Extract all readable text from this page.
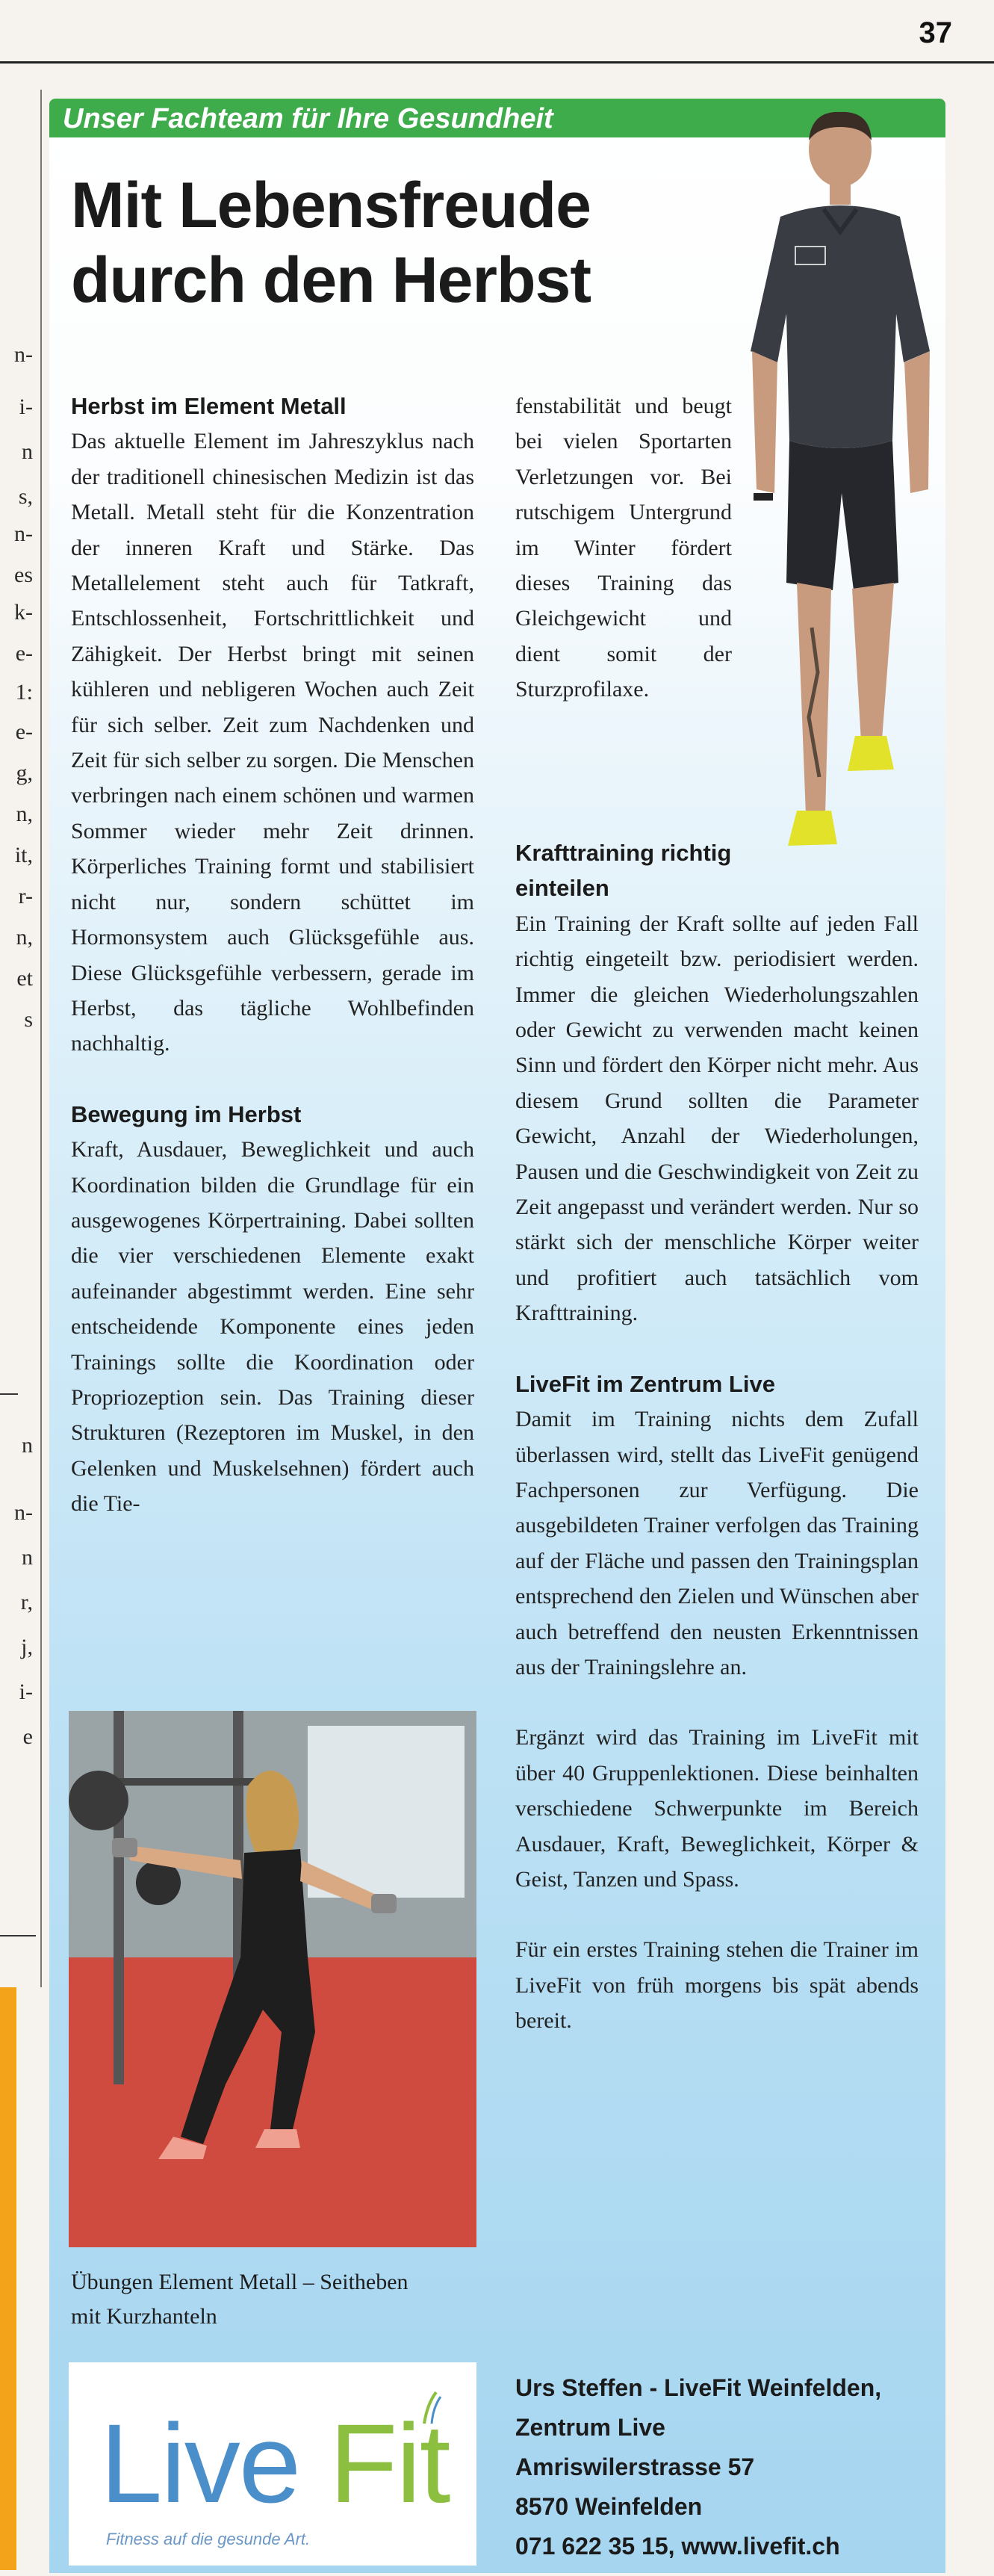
37
n-
i-
n
s,
n-
es
k-
e-
1:
e-
g,
n,
it,
r-
n,
et
s
n
n-
n
r,
j,
i-
e
Unser Fachteam für Ihre Gesundheit
Mit Lebensfreude
durch den Herbst
Herbst im Element Metall

Das aktuelle Element im Jahreszyklus nach der traditionell chinesischen Medizin ist das Metall. Metall steht für die Konzentration der inneren Kraft und Stärke. Das Metallelement steht auch für Tatkraft, Entschlossenheit, Fortschrittlichkeit und Zähigkeit. Der Herbst bringt mit seinen kühleren und nebligeren Wochen auch Zeit für sich selber. Zeit zum Nachdenken und Zeit für sich selber zu sorgen. Die Menschen verbringen nach einem schönen und warmen Sommer wieder mehr Zeit drinnen. Körperliches Training formt und stabilisiert nicht nur, sondern schüttet im Hormonsystem auch Glücksgefühle aus. Diese Glücksgefühle verbessern, gerade im Herbst, das tägliche Wohlbefinden nachhaltig.

Bewegung im Herbst

Kraft, Ausdauer, Beweglichkeit und auch Koordination bilden die Grundlage für ein ausgewogenes Körpertraining. Dabei sollten die vier verschiedenen Elemente exakt aufeinander abgestimmt werden. Eine sehr entscheidende Komponente eines jeden Trainings sollte die Koordination oder Propriozeption sein. Das Training dieser Strukturen (Rezeptoren im Muskel, in den Gelenken und Muskelsehnen) fördert auch die Tie-

fenstabilität und beugt bei vielen Sportarten Verletzungen vor. Bei rutschigem Untergrund im Winter fördert dieses Training das Gleichgewicht und dient somit der Sturzprofilaxe.

Krafttraining richtig
einteilen

Ein Training der Kraft sollte auf jeden Fall richtig eingeteilt bzw. periodisiert werden. Immer die gleichen Wiederholungszahlen oder Gewicht zu verwenden macht keinen Sinn und fördert den Körper nicht mehr. Aus diesem Grund sollten die Parameter Gewicht, Anzahl der Wiederholungen, Pausen und die Geschwindigkeit von Zeit zu Zeit angepasst und verändert werden. Nur so stärkt sich der menschliche Körper weiter und profitiert auch tatsächlich vom Krafttraining.

LiveFit im Zentrum Live

Damit im Training nichts dem Zufall überlassen wird, stellt das LiveFit genügend Fachpersonen zur Verfügung. Die ausgebildeten Trainer verfolgen das Training auf der Fläche und passen den Trainingsplan entsprechend den Zielen und Wünschen aber auch betreffend den neusten Erkenntnissen aus der Trainingslehre an.

Ergänzt wird das Training im LiveFit mit über 40 Gruppenlektionen. Diese beinhalten verschiedene Schwerpunkte im Bereich Ausdauer, Kraft, Beweglichkeit, Körper & Geist, Tanzen und Spass.

Für ein erstes Training stehen die Trainer im LiveFit von früh morgens bis spät abends bereit.

Übungen Element Metall – Seitheben
mit Kurzhanteln
Live Fit
Fitness auf die gesunde Art.
Urs Steffen - LiveFit Weinfelden,
Zentrum Live
Amriswilerstrasse 57
8570 Weinfelden
071 622 35 15, www.livefit.ch
